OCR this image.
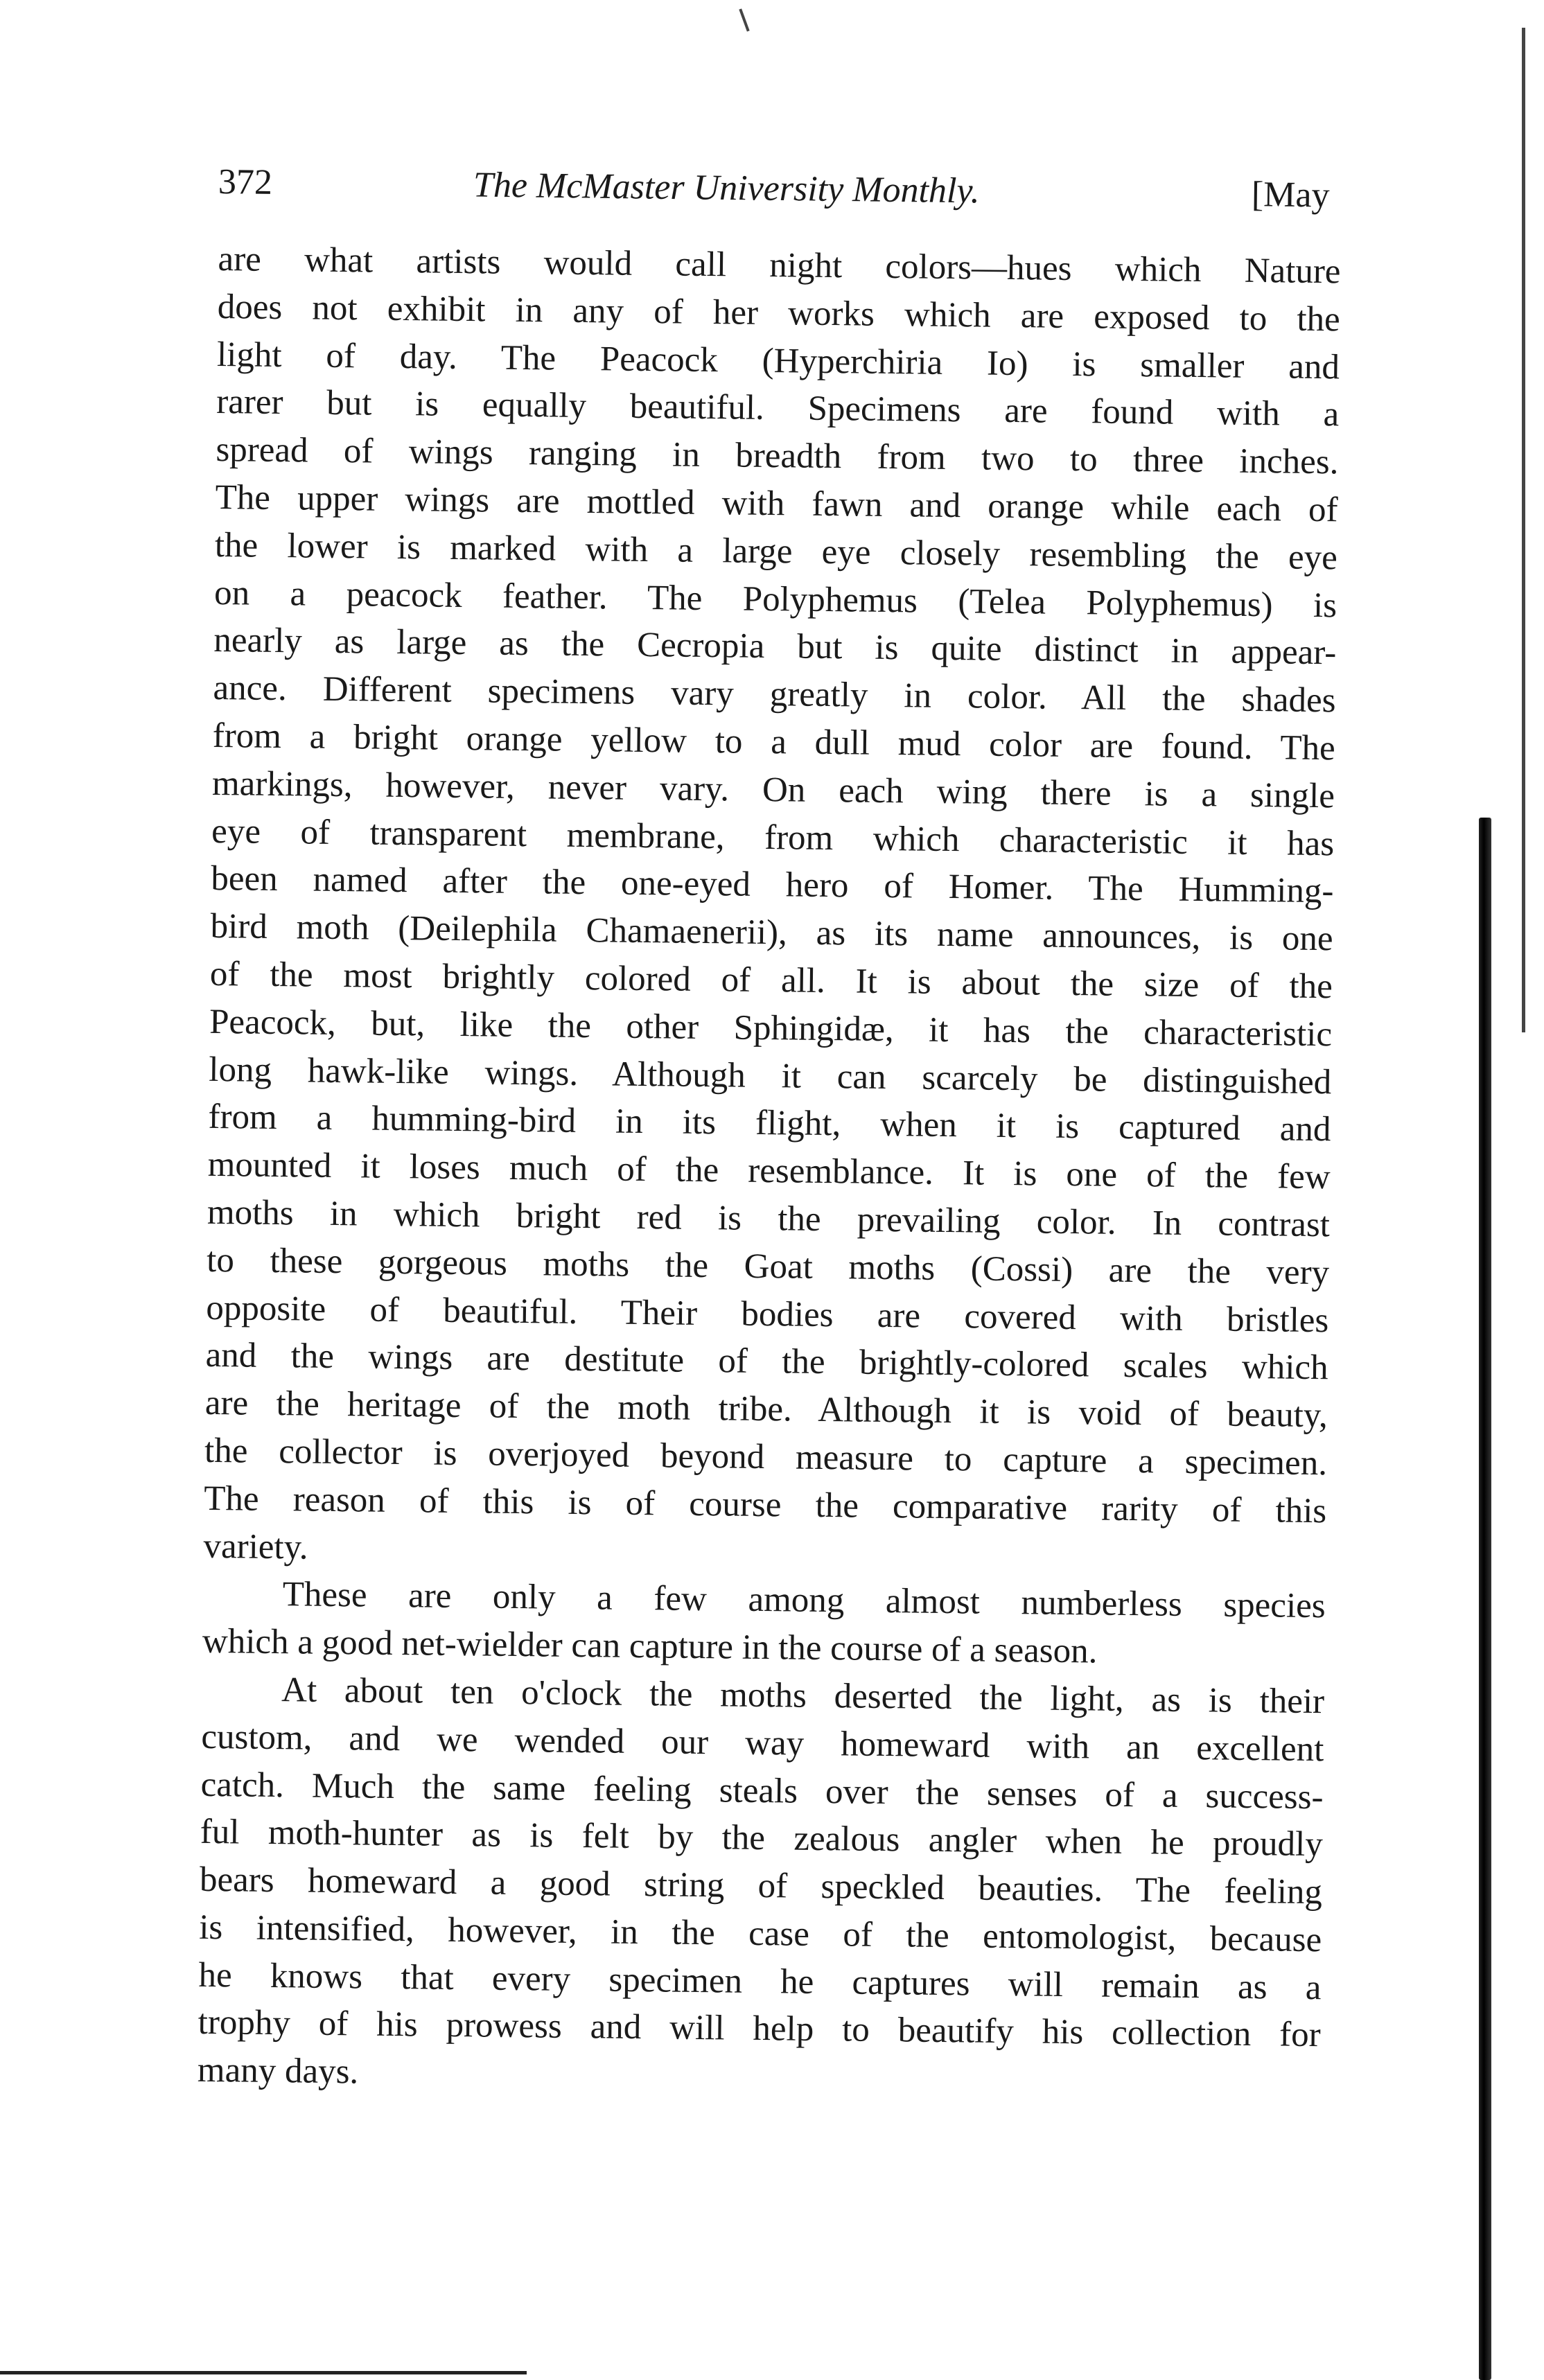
372	The McMaster University Monthly.	[May
are what artists would call night colors—hues which Nature
does not exhibit in any of her works which are exposed to the
light of day. The Peacock (Hyperchiria Io) is smaller and
rarer but is equally beautiful. Specimens are found with a
spread of wings ranging in breadth from two to three inches.
The upper wings are mottled with fawn and orange while each of
the lower is marked with a large eye closely resembling the eye
on a peacock feather. The Polyphemus (Telea Polyphemus) is
nearly as large as the Cecropia but is quite distinct in appear-
ance. Different specimens vary greatly in color. All the shades
from a bright orange yellow to a dull mud color are found. The
markings, however, never vary. On each wing there is a single
eye of transparent membrane, from which characteristic it has
been named after the one-eyed hero of Homer. The Humming-
bird moth (Deilephila Chamaenerii), as its name announces, is one
of the most brightly colored of all. It is about the size of the
Peacock, but, like the other Sphingidæ, it has the characteristic
long hawk-like wings. Although it can scarcely be distinguished
from a humming-bird in its flight, when it is captured and
mounted it loses much of the resemblance. It is one of the few
moths in which bright red is the prevailing color. In contrast
to these gorgeous moths the Goat moths (Cossi) are the very
opposite of beautiful. Their bodies are covered with bristles
and the wings are destitute of the brightly-colored scales which
are the heritage of the moth tribe. Although it is void of beauty,
the collector is overjoyed beyond measure to capture a specimen.
The reason of this is of course the comparative rarity of this
variety.
These are only a few among almost numberless species
which a good net-wielder can capture in the course of a season.
At about ten o'clock the moths deserted the light, as is their
custom, and we wended our way homeward with an excellent
catch. Much the same feeling steals over the senses of a success-
ful moth-hunter as is felt by the zealous angler when he proudly
bears homeward a good string of speckled beauties. The feeling
is intensified, however, in the case of the entomologist, because
he knows that every specimen he captures will remain as a
trophy of his prowess and will help to beautify his collection for
many days.
